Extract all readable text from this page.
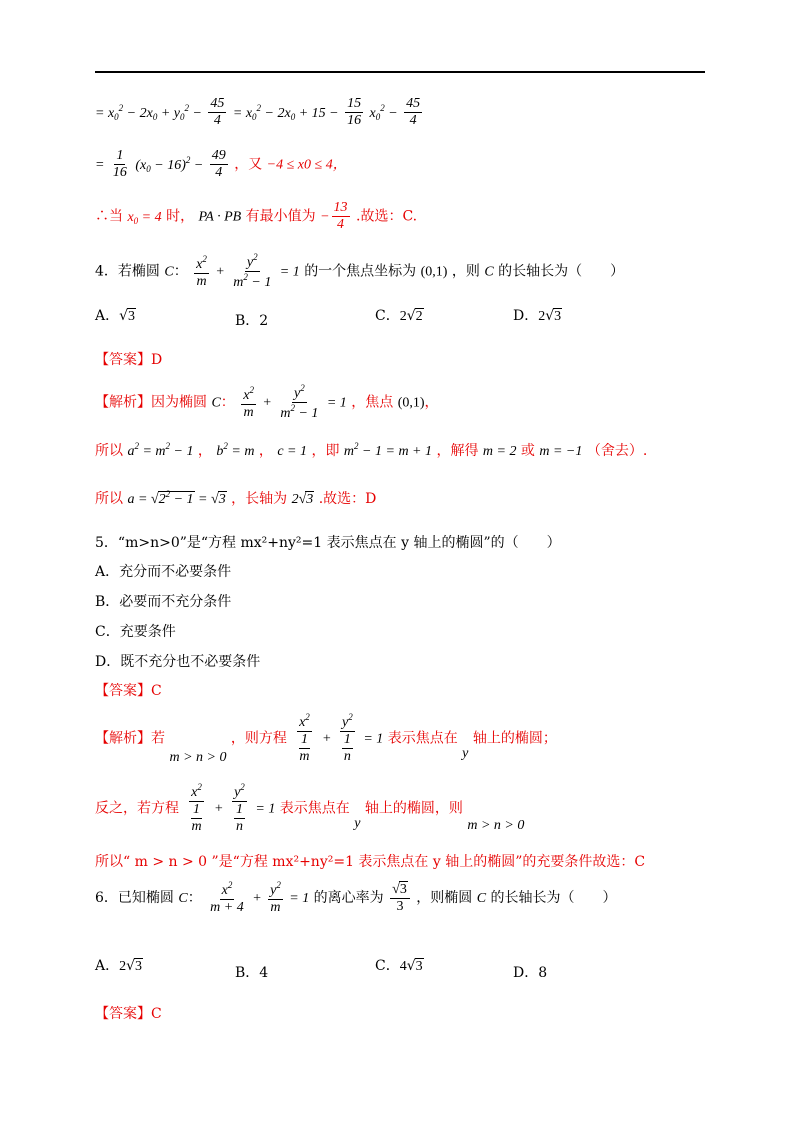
= $x_0^2 - 2x_0 + y_0^2 - \frac{45}{4} = x_0^2 - 2x_0 + 15 - \frac{15}{16} x_0^2 - \frac{45}{4}$
= $\frac{1}{16} (x_0 - 16)^2 - \frac{49}{4}$ ，又 −4 ≤ x0 ≤ 4，
∴当 $x_0 = 4$ 时， PA · PB 有最小值为 − $\frac{13}{4}$ .故选：C.
4．若椭圆 C： $\frac{x^2}{m} + \frac{y^2}{m^2 - 1} = 1$ 的一个焦点坐标为 (0,1) ，则 C 的长轴长为（　　）
A．√3	B．2	C．2√2	D．2√3
【答案】D
【解析】因为椭圆 C： $\frac{x^2}{m} + \frac{y^2}{m^2 - 1} = 1$ ，焦点 (0,1)，
所以 $a^2 = m^2 - 1$ ， $b^2 = m$ ， c = 1 ，即 $m^2 - 1 = m + 1$ ，解得 m = 2 或 m = −1 （舍去）.
所以 $a = √2^2 - 1 = √3$ ，长轴为 2√3 .故选：D
5．“m>n>0”是“方程 mx²+ny²=1 表示焦点在 y 轴上的椭圆”的（　　）
A．充分而不必要条件
B．必要而不充分条件
C．充要条件
D．既不充分也不必要条件
【答案】C
【解析】若 m > n > 0 ，则方程 $\frac{x^2}{\frac{1}{m}} + \frac{y^2}{\frac{1}{n}} = 1$ 表示焦点在 y 轴上的椭圆；
反之，若方程 $\frac{x^2}{\frac{1}{m}} + \frac{y^2}{\frac{1}{n}} = 1$ 表示焦点在 y 轴上的椭圆，则 m > n > 0
所以“ m > n > 0 ”是“方程 mx²+ny²=1 表示焦点在 y 轴上的椭圆”的充要条件故选：C
6．已知椭圆 C： $\frac{x^2}{m + 4} + \frac{y^2}{m} = 1$ 的离心率为 $\frac{√3}{3}$ ，则椭圆 C 的长轴长为（　　）
A．2√3	B．4	C．4√3	D．8
【答案】C
